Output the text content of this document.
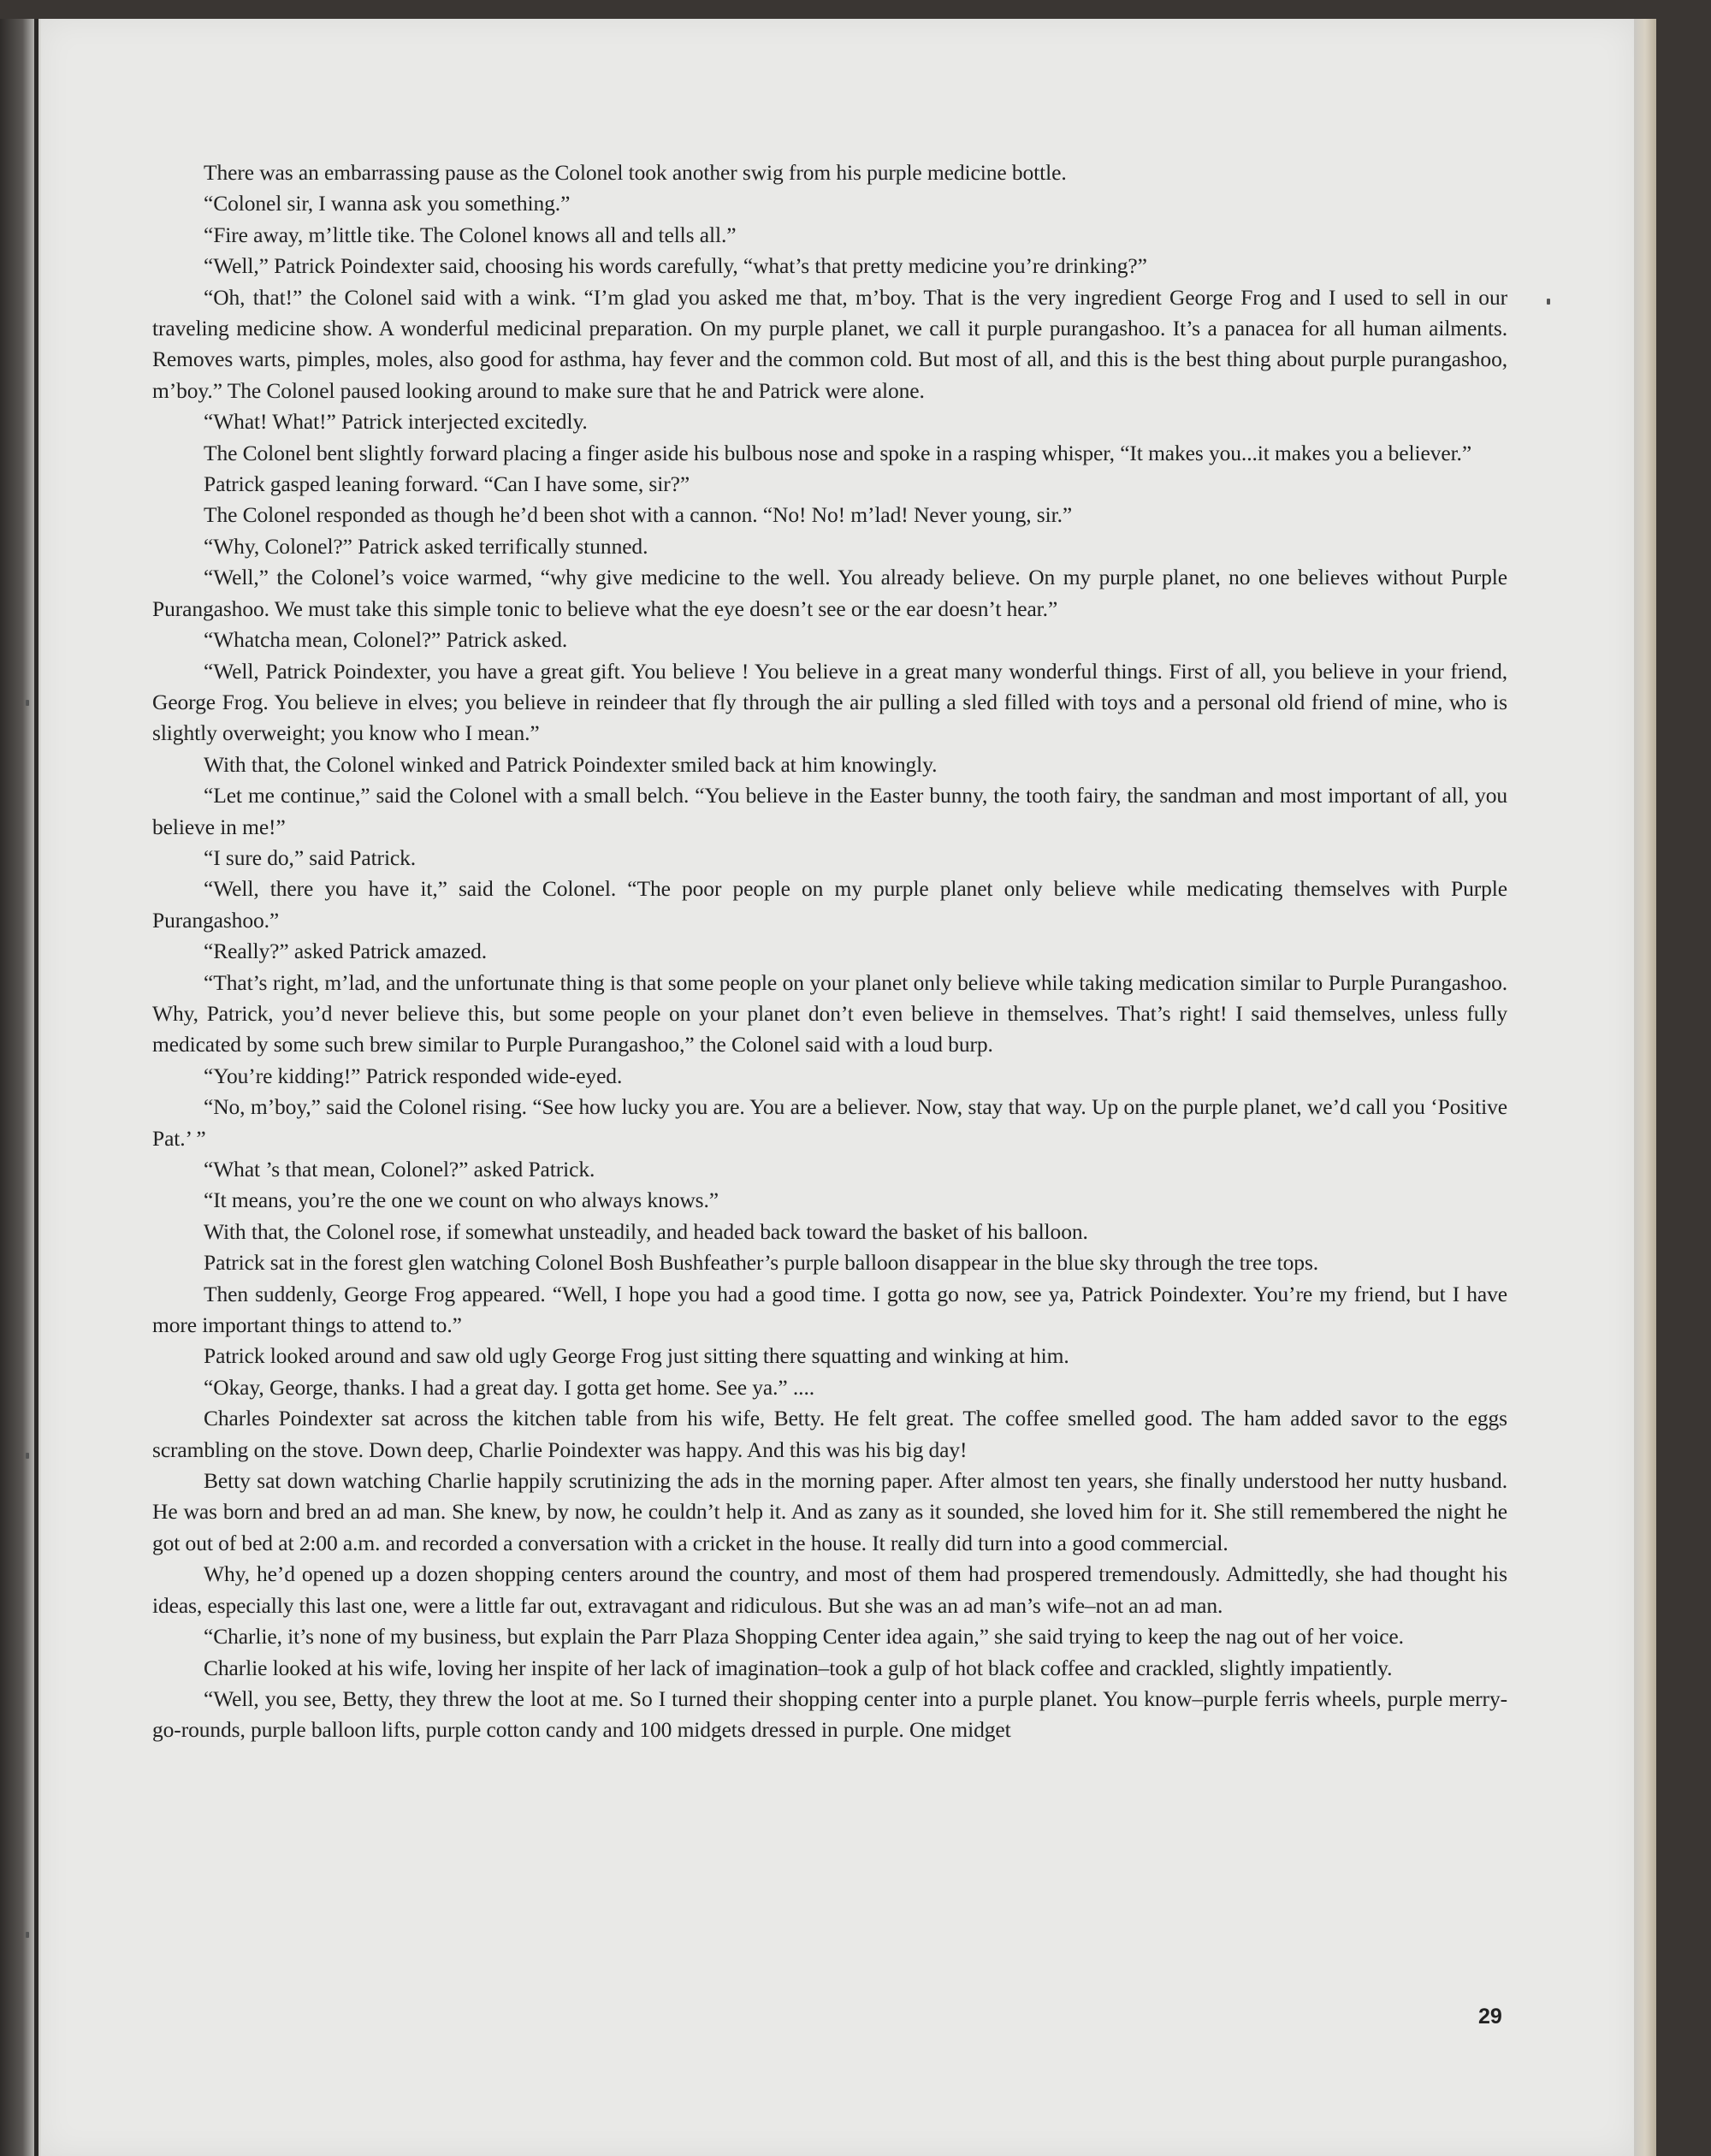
There was an embarrassing pause as the Colonel took another swig from his purple medicine bottle.

“Colonel sir, I wanna ask you something.”

“Fire away, m’little tike. The Colonel knows all and tells all.”

“Well,” Patrick Poindexter said, choosing his words carefully, “what’s that pretty medicine you’re drinking?”

“Oh, that!” the Colonel said with a wink. “I’m glad you asked me that, m’boy. That is the very ingredient George Frog and I used to sell in our traveling medicine show. A wonderful medicinal preparation. On my purple planet, we call it purple purangashoo. It’s a panacea for all human ailments. Removes warts, pimples, moles, also good for asthma, hay fever and the common cold. But most of all, and this is the best thing about purple purangashoo, m’boy.” The Colonel paused looking around to make sure that he and Patrick were alone.

“What! What!” Patrick interjected excitedly.

The Colonel bent slightly forward placing a finger aside his bulbous nose and spoke in a rasping whisper, “It makes you...it makes you a believer.”

Patrick gasped leaning forward. “Can I have some, sir?”

The Colonel responded as though he’d been shot with a cannon. “No! No! m’lad! Never young, sir.”

“Why, Colonel?” Patrick asked terrifically stunned.

“Well,” the Colonel’s voice warmed, “why give medicine to the well. You already believe. On my purple planet, no one believes without Purple Purangashoo. We must take this simple tonic to believe what the eye doesn’t see or the ear doesn’t hear.”

“Whatcha mean, Colonel?” Patrick asked.

“Well, Patrick Poindexter, you have a great gift. You believe ! You believe in a great many wonderful things. First of all, you believe in your friend, George Frog. You believe in elves; you believe in reindeer that fly through the air pulling a sled filled with toys and a personal old friend of mine, who is slightly overweight; you know who I mean.”

With that, the Colonel winked and Patrick Poindexter smiled back at him knowingly.

“Let me continue,” said the Colonel with a small belch. “You believe in the Easter bunny, the tooth fairy, the sandman and most important of all, you believe in me!”

“I sure do,” said Patrick.

“Well, there you have it,” said the Colonel. “The poor people on my purple planet only believe while medicating themselves with Purple Purangashoo.”

“Really?” asked Patrick amazed.

“That’s right, m’lad, and the unfortunate thing is that some people on your planet only believe while taking medication similar to Purple Purangashoo. Why, Patrick, you’d never believe this, but some people on your planet don’t even believe in themselves. That’s right! I said themselves, unless fully medicated by some such brew similar to Purple Purangashoo,” the Colonel said with a loud burp.

“You’re kidding!” Patrick responded wide-eyed.

“No, m’boy,” said the Colonel rising. “See how lucky you are. You are a believer. Now, stay that way. Up on the purple planet, we’d call you ‘Positive Pat.’ ”

“What ’s that mean, Colonel?” asked Patrick.

“It means, you’re the one we count on who always knows.”

With that, the Colonel rose, if somewhat unsteadily, and headed back toward the basket of his balloon.

Patrick sat in the forest glen watching Colonel Bosh Bushfeather’s purple balloon disappear in the blue sky through the tree tops.

Then suddenly, George Frog appeared. “Well, I hope you had a good time. I gotta go now, see ya, Patrick Poindexter. You’re my friend, but I have more important things to attend to.”

Patrick looked around and saw old ugly George Frog just sitting there squatting and winking at him.

“Okay, George, thanks. I had a great day. I gotta get home. See ya.” ....

Charles Poindexter sat across the kitchen table from his wife, Betty. He felt great. The coffee smelled good. The ham added savor to the eggs scrambling on the stove. Down deep, Charlie Poindexter was happy. And this was his big day!

Betty sat down watching Charlie happily scrutinizing the ads in the morning paper. After almost ten years, she finally understood her nutty husband. He was born and bred an ad man. She knew, by now, he couldn’t help it. And as zany as it sounded, she loved him for it. She still remembered the night he got out of bed at 2:00 a.m. and recorded a conversation with a cricket in the house. It really did turn into a good commercial.

Why, he’d opened up a dozen shopping centers around the country, and most of them had prospered tremendously. Admittedly, she had thought his ideas, especially this last one, were a little far out, extravagant and ridiculous. But she was an ad man’s wife–not an ad man.

“Charlie, it’s none of my business, but explain the Parr Plaza Shopping Center idea again,” she said trying to keep the nag out of her voice.

Charlie looked at his wife, loving her inspite of her lack of imagination–took a gulp of hot black coffee and crackled, slightly impatiently.

“Well, you see, Betty, they threw the loot at me. So I turned their shopping center into a purple planet. You know–purple ferris wheels, purple merry-go-rounds, purple balloon lifts, purple cotton candy and 100 midgets dressed in purple. One midget

29
